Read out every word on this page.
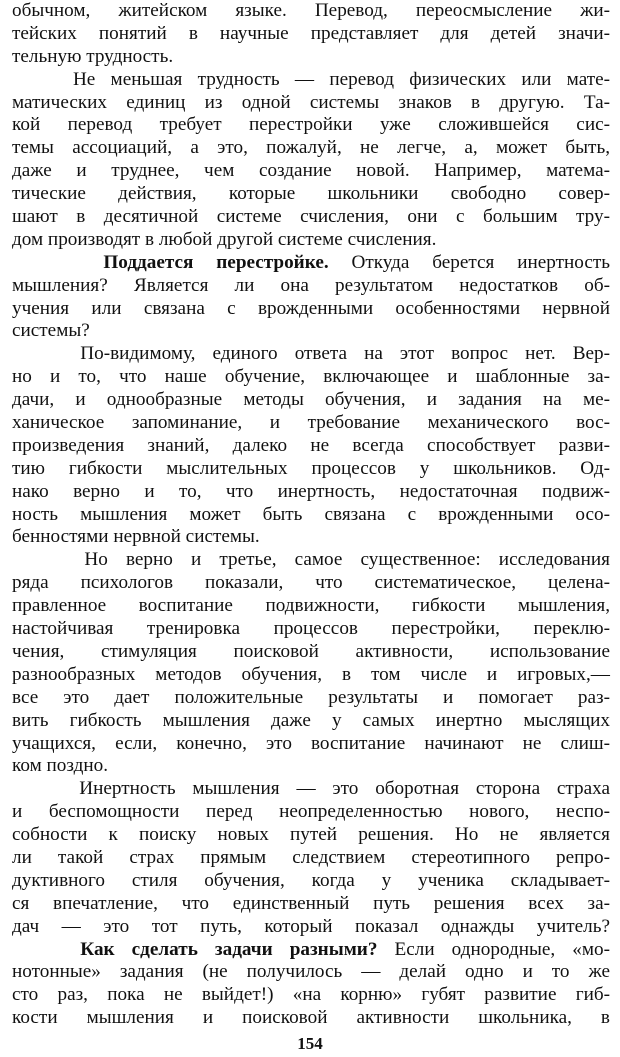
обычном, житейском языке. Перевод, переосмысление жи-
тейских понятий в научные представляет для детей значи-
тельную трудность.
Не меньшая трудность — перевод физических или мате-
матических единиц из одной системы знаков в другую. Та-
кой перевод требует перестройки уже сложившейся сис-
темы ассоциаций, а это, пожалуй, не легче, а, может быть,
даже и труднее, чем создание новой. Например, матема-
тические действия, которые школьники свободно совер-
шают в десятичной системе счисления, они с большим тру-
дом производят в любой другой системе счисления.
Поддается перестройке. Откуда берется инертность
мышления? Является ли она результатом недостатков об-
учения или связана с врожденными особенностями нервной
системы?
По-видимому, единого ответа на этот вопрос нет. Вер-
но и то, что наше обучение, включающее и шаблонные за-
дачи, и однообразные методы обучения, и задания на ме-
ханическое запоминание, и требование механического вос-
произведения знаний, далеко не всегда способствует разви-
тию гибкости мыслительных процессов у школьников. Од-
нако верно и то, что инертность, недостаточная подвиж-
ность мышления может быть связана с врожденными осо-
бенностями нервной системы.
Но верно и третье, самое существенное: исследования
ряда психологов показали, что систематическое, целена-
правленное воспитание подвижности, гибкости мышления,
настойчивая тренировка процессов перестройки, переклю-
чения, стимуляция поисковой активности, использование
разнообразных методов обучения, в том числе и игровых,—
все это дает положительные результаты и помогает раз-
вить гибкость мышления даже у самых инертно мыслящих
учащихся, если, конечно, это воспитание начинают не слиш-
ком поздно.
Инертность мышления — это оборотная сторона страха
и беспомощности перед неопределенностью нового, неспо-
собности к поиску новых путей решения. Но не является
ли такой страх прямым следствием стереотипного репро-
дуктивного стиля обучения, когда у ученика складывает-
ся впечатление, что единственный путь решения всех за-
дач — это тот путь, который показал однажды учитель?
Как сделать задачи разными? Если однородные, «мо-
нотонные» задания (не получилось — делай одно и то же
сто раз, пока не выйдет!) «на корню» губят развитие гиб-
кости мышления и поисковой активности школьника, в
154
